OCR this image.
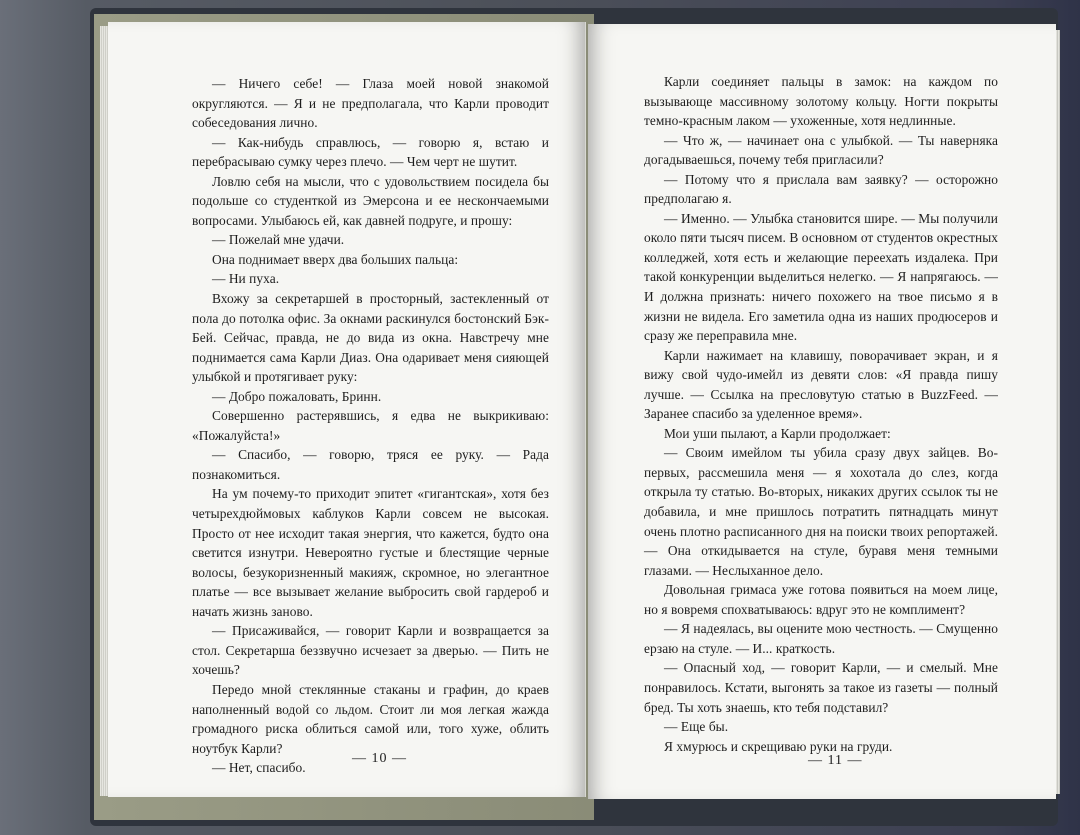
— Ничего себе! — Глаза моей новой знакомой округляются. — Я и не предполагала, что Карли проводит собеседования лично.

— Как-нибудь справлюсь, — говорю я, встаю и перебрасываю сумку через плечо. — Чем черт не шутит.

Ловлю себя на мысли, что с удовольствием посидела бы подольше со студенткой из Эмерсона и ее нескончаемыми вопросами. Улыбаюсь ей, как давней подруге, и прошу:

— Пожелай мне удачи.

Она поднимает вверх два больших пальца:

— Ни пуха.

Вхожу за секретаршей в просторный, застекленный от пола до потолка офис. За окнами раскинулся бостонский Бэк-Бей. Сейчас, правда, не до вида из окна. Навстречу мне поднимается сама Карли Диаз. Она одаривает меня сияющей улыбкой и протягивает руку:

— Добро пожаловать, Бринн.

Совершенно растерявшись, я едва не выкрикиваю: «Пожалуйста!»

— Спасибо, — говорю, тряся ее руку. — Рада познакомиться.

На ум почему-то приходит эпитет «гигантская», хотя без четырехдюймовых каблуков Карли совсем не высокая. Просто от нее исходит такая энергия, что кажется, будто она светится изнутри. Невероятно густые и блестящие черные волосы, безукоризненный макияж, скромное, но элегантное платье — все вызывает желание выбросить свой гардероб и начать жизнь заново.

— Присаживайся, — говорит Карли и возвращается за стол. Секретарша беззвучно исчезает за дверью. — Пить не хочешь?

Передо мной стеклянные стаканы и графин, до краев наполненный водой со льдом. Стоит ли моя легкая жажда громадного риска облиться самой или, того хуже, облить ноутбук Карли?

— Нет, спасибо.

— 10 —

Карли соединяет пальцы в замок: на каждом по вызывающе массивному золотому кольцу. Ногти покрыты темно-красным лаком — ухоженные, хотя недлинные.

— Что ж, — начинает она с улыбкой. — Ты наверняка догадываешься, почему тебя пригласили?

— Потому что я прислала вам заявку? — осторожно предполагаю я.

— Именно. — Улыбка становится шире. — Мы получили около пяти тысяч писем. В основном от студентов окрестных колледжей, хотя есть и желающие переехать издалека. При такой конкуренции выделиться нелегко. — Я напрягаюсь. — И должна признать: ничего похожего на твое письмо я в жизни не видела. Его заметила одна из наших продюсеров и сразу же переправила мне.

Карли нажимает на клавишу, поворачивает экран, и я вижу свой чудо-имейл из девяти слов: «Я правда пишу лучше. — Ссылка на пресловутую статью в BuzzFeed. — Заранее спасибо за уделенное время».

Мои уши пылают, а Карли продолжает:

— Своим имейлом ты убила сразу двух зайцев. Во-первых, рассмешила меня — я хохотала до слез, когда открыла ту статью. Во-вторых, никаких других ссылок ты не добавила, и мне пришлось потратить пятнадцать минут очень плотно расписанного дня на поиски твоих репортажей. — Она откидывается на стуле, буравя меня темными глазами. — Неслыханное дело.

Довольная гримаса уже готова появиться на моем лице, но я вовремя спохватываюсь: вдруг это не комплимент?

— Я надеялась, вы оцените мою честность. — Смущенно ерзаю на стуле. — И... краткость.

— Опасный ход, — говорит Карли, — и смелый. Мне понравилось. Кстати, выгонять за такое из газеты — полный бред. Ты хоть знаешь, кто тебя подставил?

— Еще бы.

Я хмурюсь и скрещиваю руки на груди.

— 11 —
